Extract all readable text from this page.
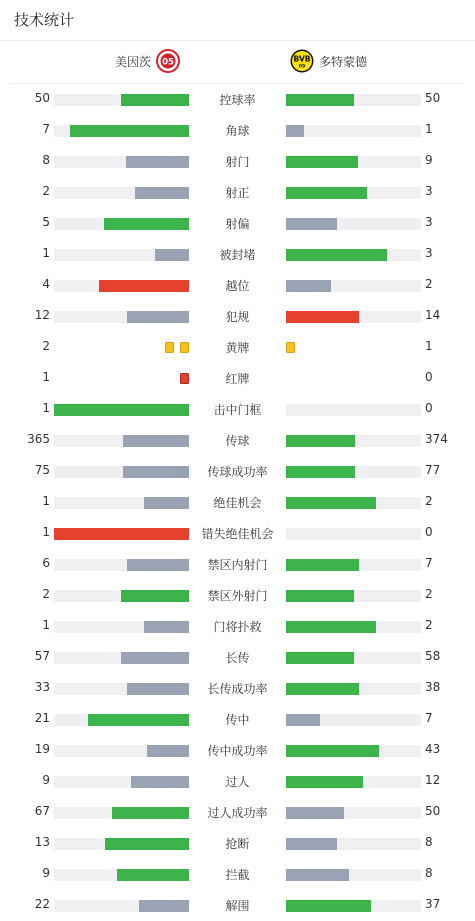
技术统计
美因茨 05	BVB
09 多特蒙德
50	控球率	50
7	角球	1
8	射门	9
2	射正	3
5	射偏	3
1	被封堵	3
4	越位	2
12	犯规	14
2	黄牌	1
1	红牌	0
1	击中门框	0
365	传球	374
75	传球成功率	77
1	绝佳机会	2
1	错失绝佳机会	0
6	禁区内射门	7
2	禁区外射门	2
1	门将扑救	2
57	长传	58
33	长传成功率	38
21	传中	7
19	传中成功率	43
9	过人	12
67	过人成功率	50
13	抢断	8
9	拦截	8
22	解围	37
